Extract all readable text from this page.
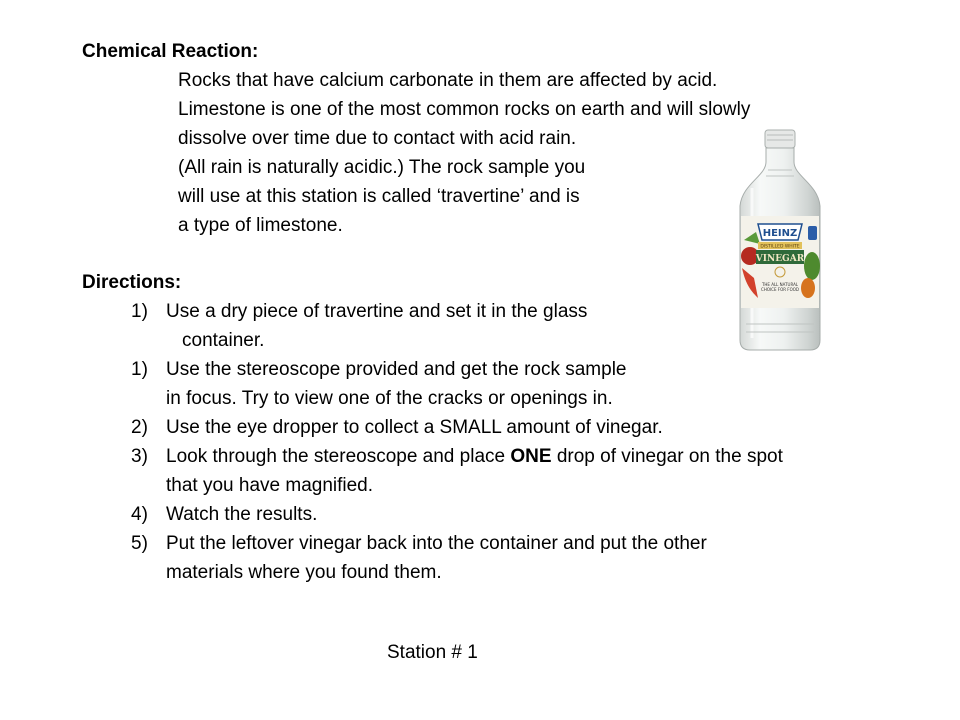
Chemical Reaction:
Rocks that have calcium carbonate in them are affected by acid.
Limestone is one of the most common rocks on earth and will slowly
dissolve over time due to contact with acid rain.
(All rain is naturally acidic.) The rock sample you
will use at this station is called ‘travertine’ and is
a type of limestone.
Directions:
1) Use a dry piece of travertine and set it in the glass
container.
1) Use the stereoscope provided and get the rock sample
in focus. Try to view one of the cracks or openings in.
2) Use the eye dropper to collect a SMALL amount of vinegar.
3) Look through the stereoscope and place ONE drop of vinegar on the spot
that you have magnified.
4) Watch the results.
5) Put the leftover vinegar back into the container and put the other
materials where you found them.
Station # 1
HEINZ
DISTILLED WHITE
VINEGAR
THE ALL NATURAL
CHOICE FOR FOOD
